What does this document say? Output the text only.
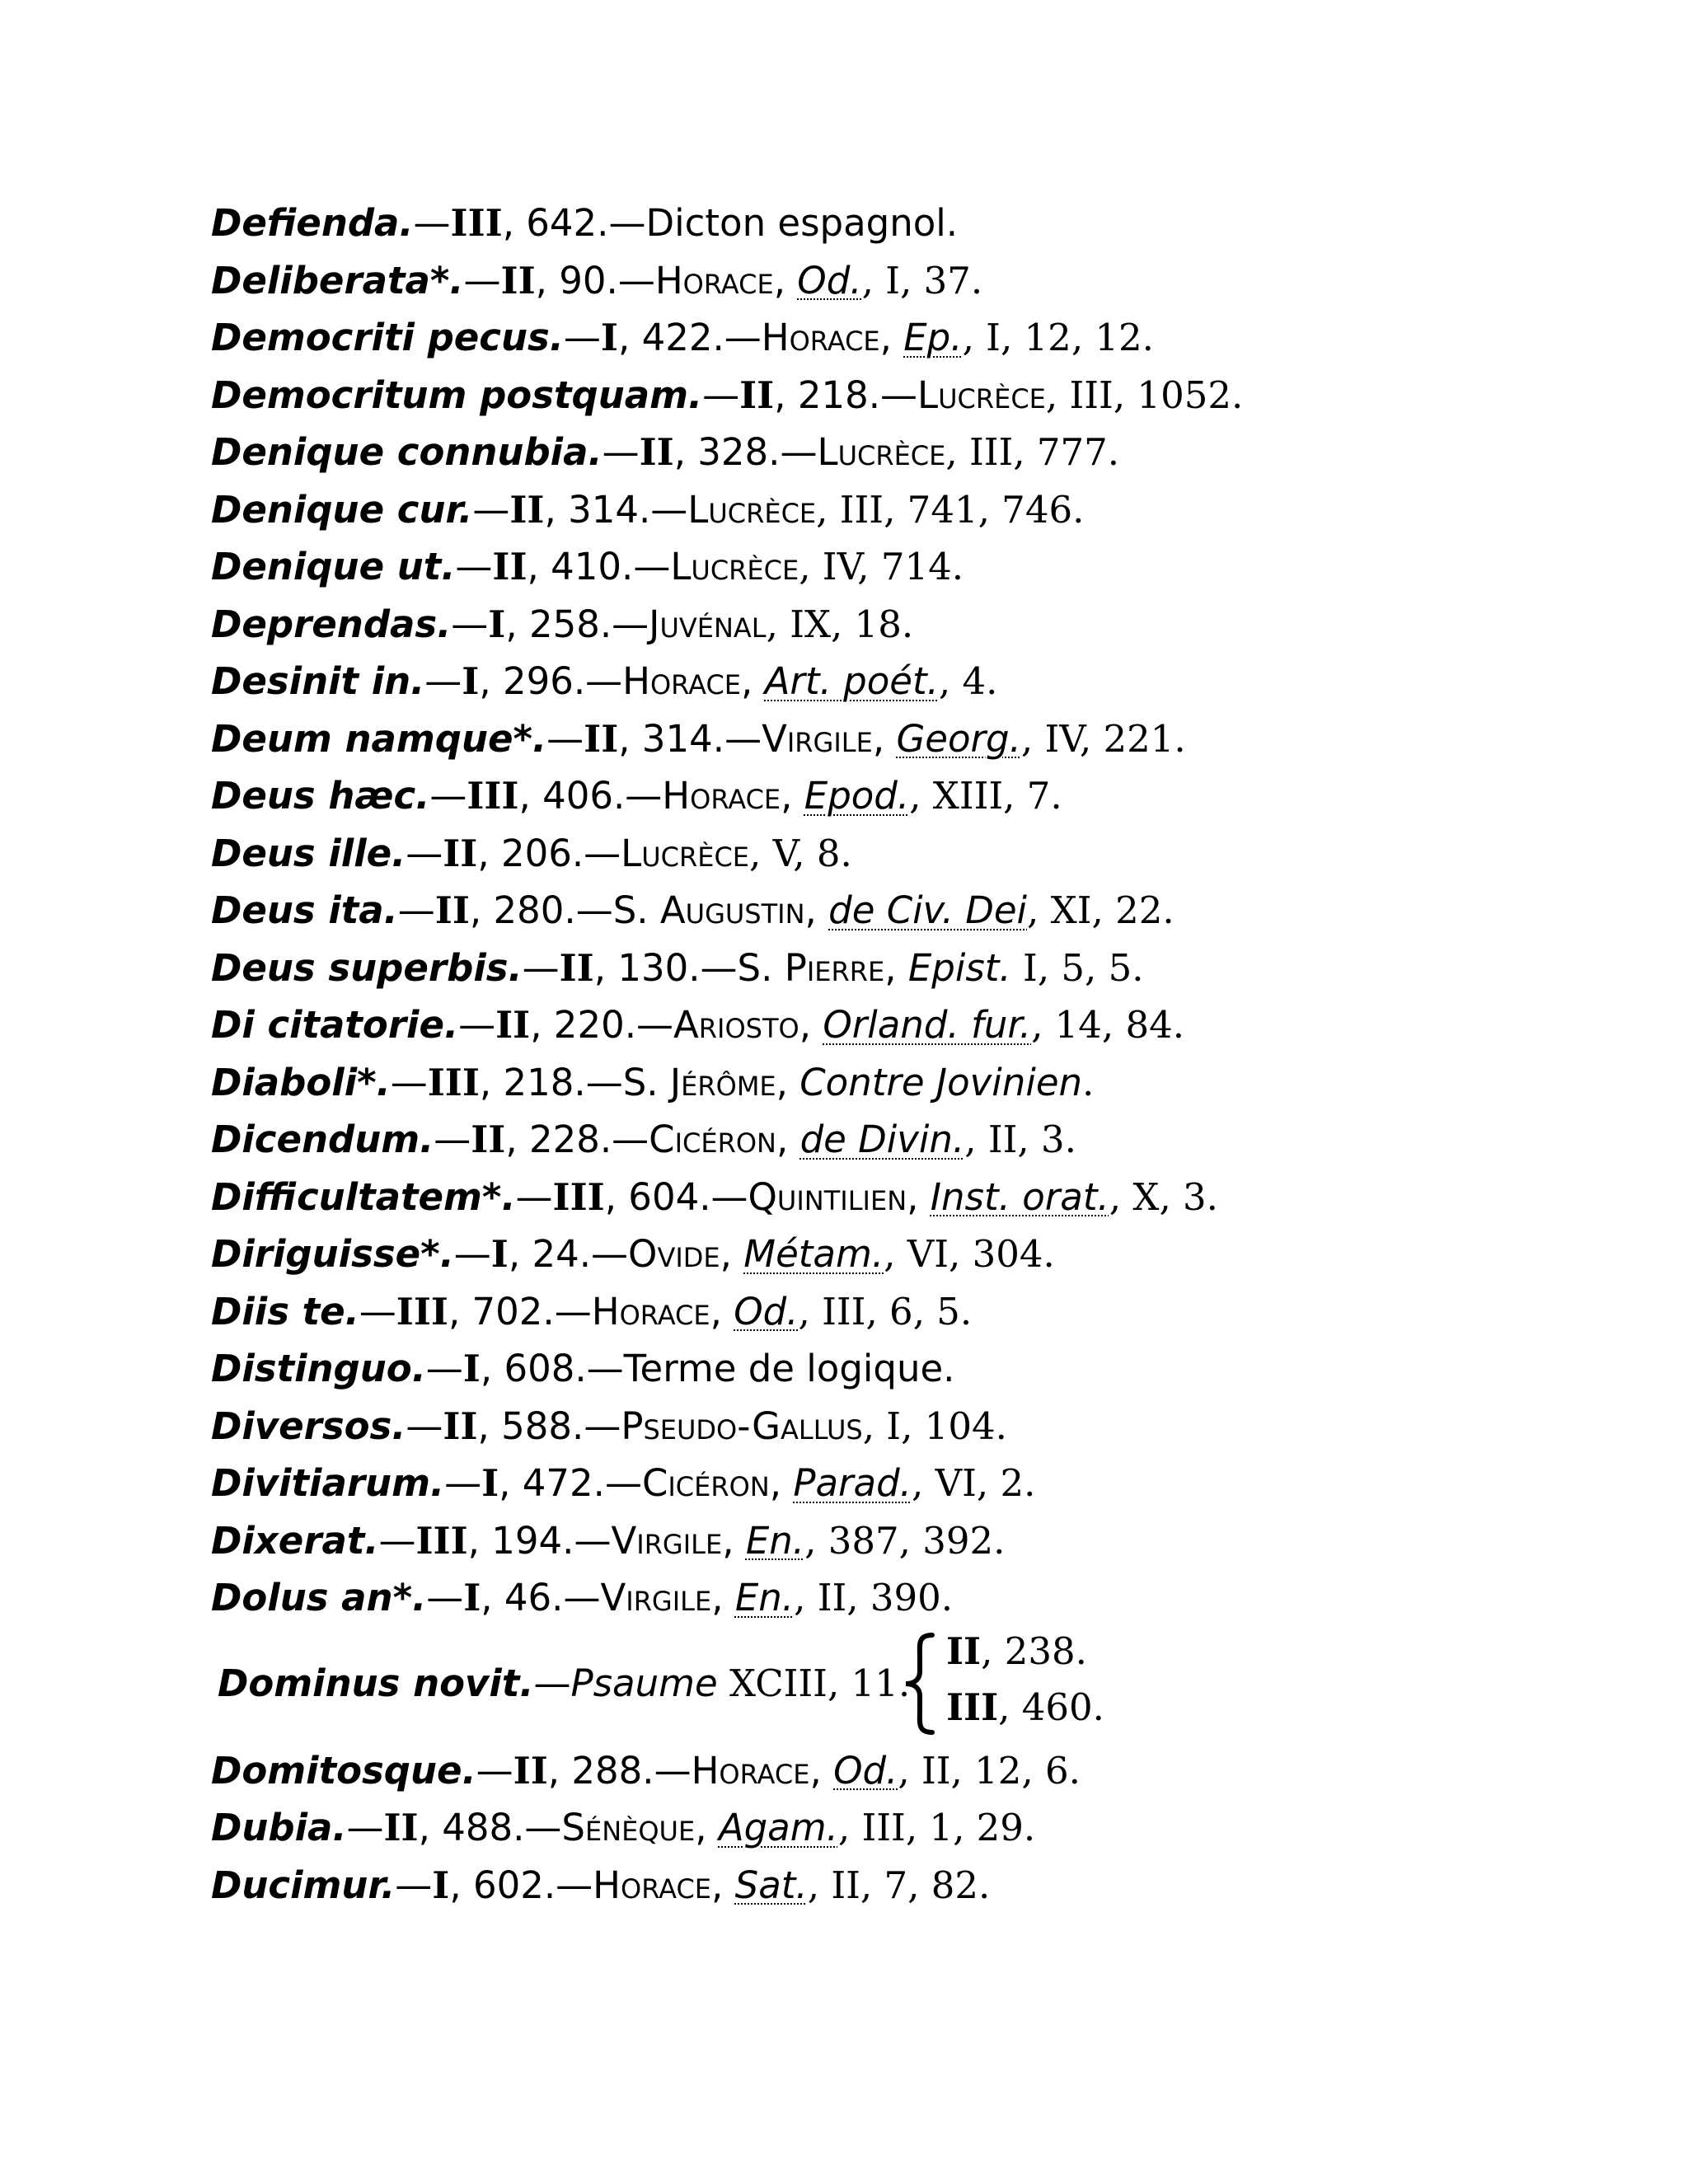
Defienda.—III, 642.—Dicton espagnol.
Deliberata*.—II, 90.—Horace, Od., I, 37.
Democriti pecus.—I, 422.—Horace, Ep., I, 12, 12.
Democritum postquam.—II, 218.—Lucrèce, III, 1052.
Denique connubia.—II, 328.—Lucrèce, III, 777.
Denique cur.—II, 314.—Lucrèce, III, 741, 746.
Denique ut.—II, 410.—Lucrèce, IV, 714.
Deprendas.—I, 258.—Juvénal, IX, 18.
Desinit in.—I, 296.—Horace, Art. poét., 4.
Deum namque*.—II, 314.—Virgile, Georg., IV, 221.
Deus hæc.—III, 406.—Horace, Epod., XIII, 7.
Deus ille.—II, 206.—Lucrèce, V, 8.
Deus ita.—II, 280.—S. Augustin, de Civ. Dei, XI, 22.
Deus superbis.—II, 130.—S. Pierre, Epist. I, 5, 5.
Di citatorie.—II, 220.—Ariosto, Orland. fur., 14, 84.
Diaboli*.—III, 218.—S. Jérôme, Contre Jovinien.
Dicendum.—II, 228.—Cicéron, de Divin., II, 3.
Difficultatem*.—III, 604.—Quintilien, Inst. orat., X, 3.
Diriguisse*.—I, 24.—Ovide, Métam., VI, 304.
Diis te.—III, 702.—Horace, Od., III, 6, 5.
Distinguo.—I, 608.—Terme de logique.
Diversos.—II, 588.—Pseudo-Gallus, I, 104.
Divitiarum.—I, 472.—Cicéron, Parad., VI, 2.
Dixerat.—III, 194.—Virgile, En., 387, 392.
Dolus an*.—I, 46.—Virgile, En., II, 390.
Dominus novit.—Psaume XCIII, 11.
II, 238.
III, 460.
Domitosque.—II, 288.—Horace, Od., II, 12, 6.
Dubia.—II, 488.—Sénèque, Agam., III, 1, 29.
Ducimur.—I, 602.—Horace, Sat., II, 7, 82.
